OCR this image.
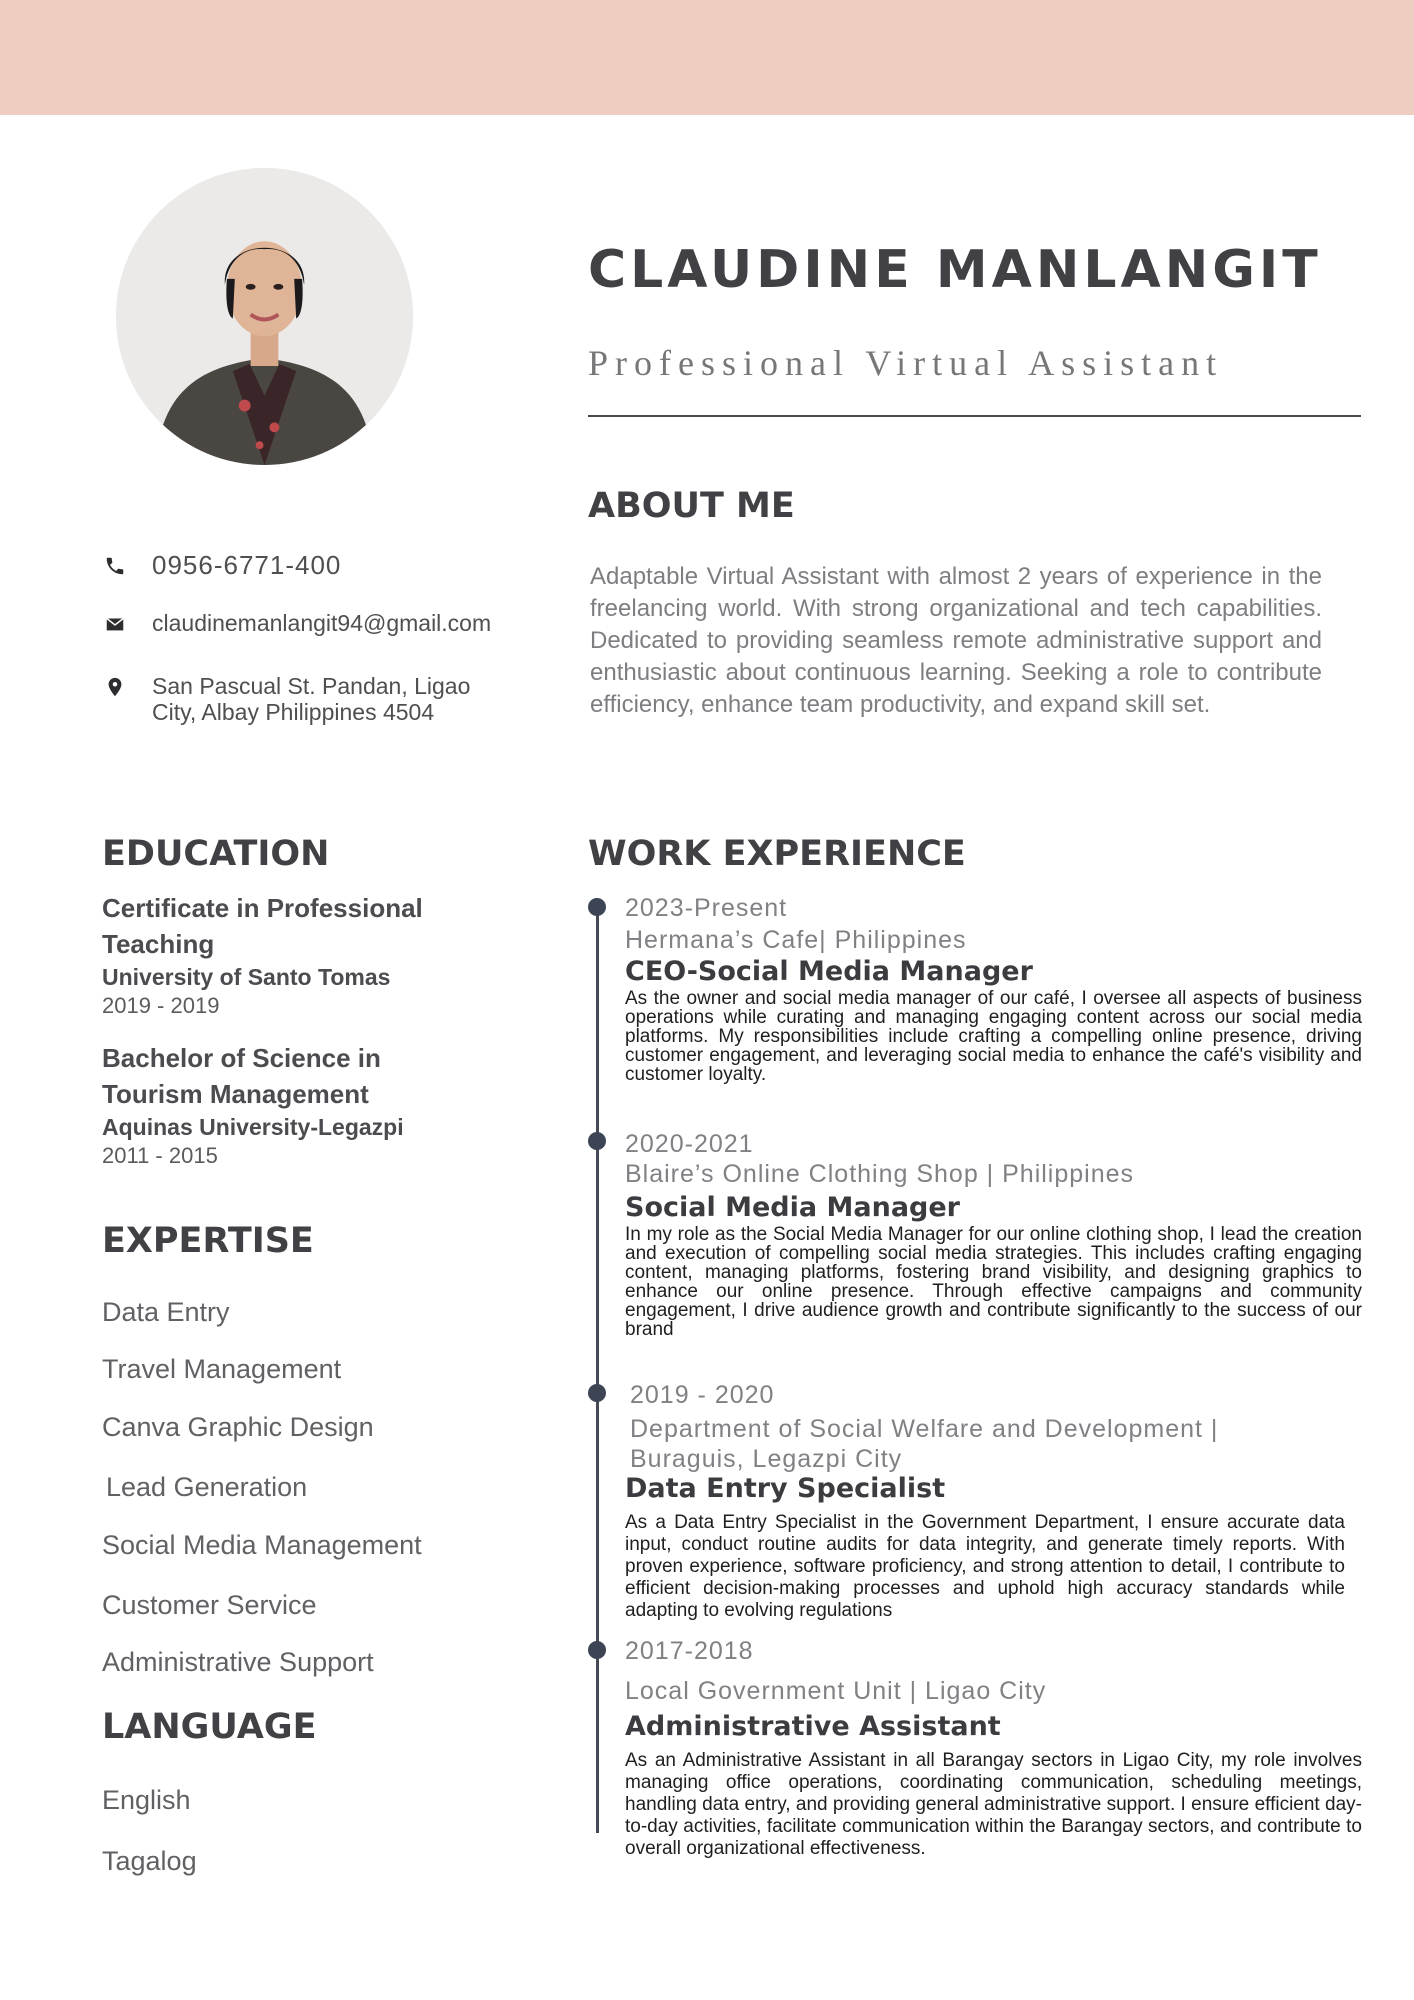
CLAUDINE MANLANGIT
Professional Virtual Assistant
0956-6771-400
claudinemanlangit94@gmail.com
San Pascual St. Pandan, Ligao
City, Albay Philippines 4504
ABOUT ME
Adaptable Virtual Assistant with almost 2 years of experience in the freelancing world. With strong organizational and tech capabilities. Dedicated to providing seamless remote administrative support and enthusiastic about continuous learning. Seeking a role to contribute efficiency, enhance team productivity, and expand skill set.
EDUCATION
Certificate in Professional
Teaching
University of Santo Tomas
2019 - 2019
Bachelor of Science in
Tourism Management
Aquinas University-Legazpi
2011 - 2015
EXPERTISE
Data Entry
Travel Management
Canva Graphic Design
Lead Generation
Social Media Management
Customer Service
Administrative Support
LANGUAGE
English
Tagalog
WORK EXPERIENCE
2023-Present
Hermana’s Cafe| Philippines
CEO-Social Media Manager
As the owner and social media manager of our café, I oversee all aspects of business operations while curating and managing engaging content across our social media platforms. My responsibilities include crafting a compelling online presence, driving customer engagement, and leveraging social media to enhance the café's visibility and customer loyalty.
2020-2021
Blaire’s Online Clothing Shop | Philippines
Social Media Manager
In my role as the Social Media Manager for our online clothing shop, I lead the creation and execution of compelling social media strategies. This includes crafting engaging content, managing platforms, fostering brand visibility, and designing graphics to enhance our online presence. Through effective campaigns and community engagement, I drive audience growth and contribute significantly to the success of our brand
2019 - 2020
Department of Social Welfare and Development |
Buraguis, Legazpi City
Data Entry Specialist
As a Data Entry Specialist in the Government Department, I ensure accurate data input, conduct routine audits for data integrity, and generate timely reports. With proven experience, software proficiency, and strong attention to detail, I contribute to efficient decision-making processes and uphold high accuracy standards while adapting to evolving regulations
2017-2018
Local Government Unit | Ligao City
Administrative Assistant
As an Administrative Assistant in all Barangay sectors in Ligao City, my role involves managing office operations, coordinating communication, scheduling meetings, handling data entry, and providing general administrative support. I ensure efficient day-to-day activities, facilitate communication within the Barangay sectors, and contribute to overall organizational effectiveness.
